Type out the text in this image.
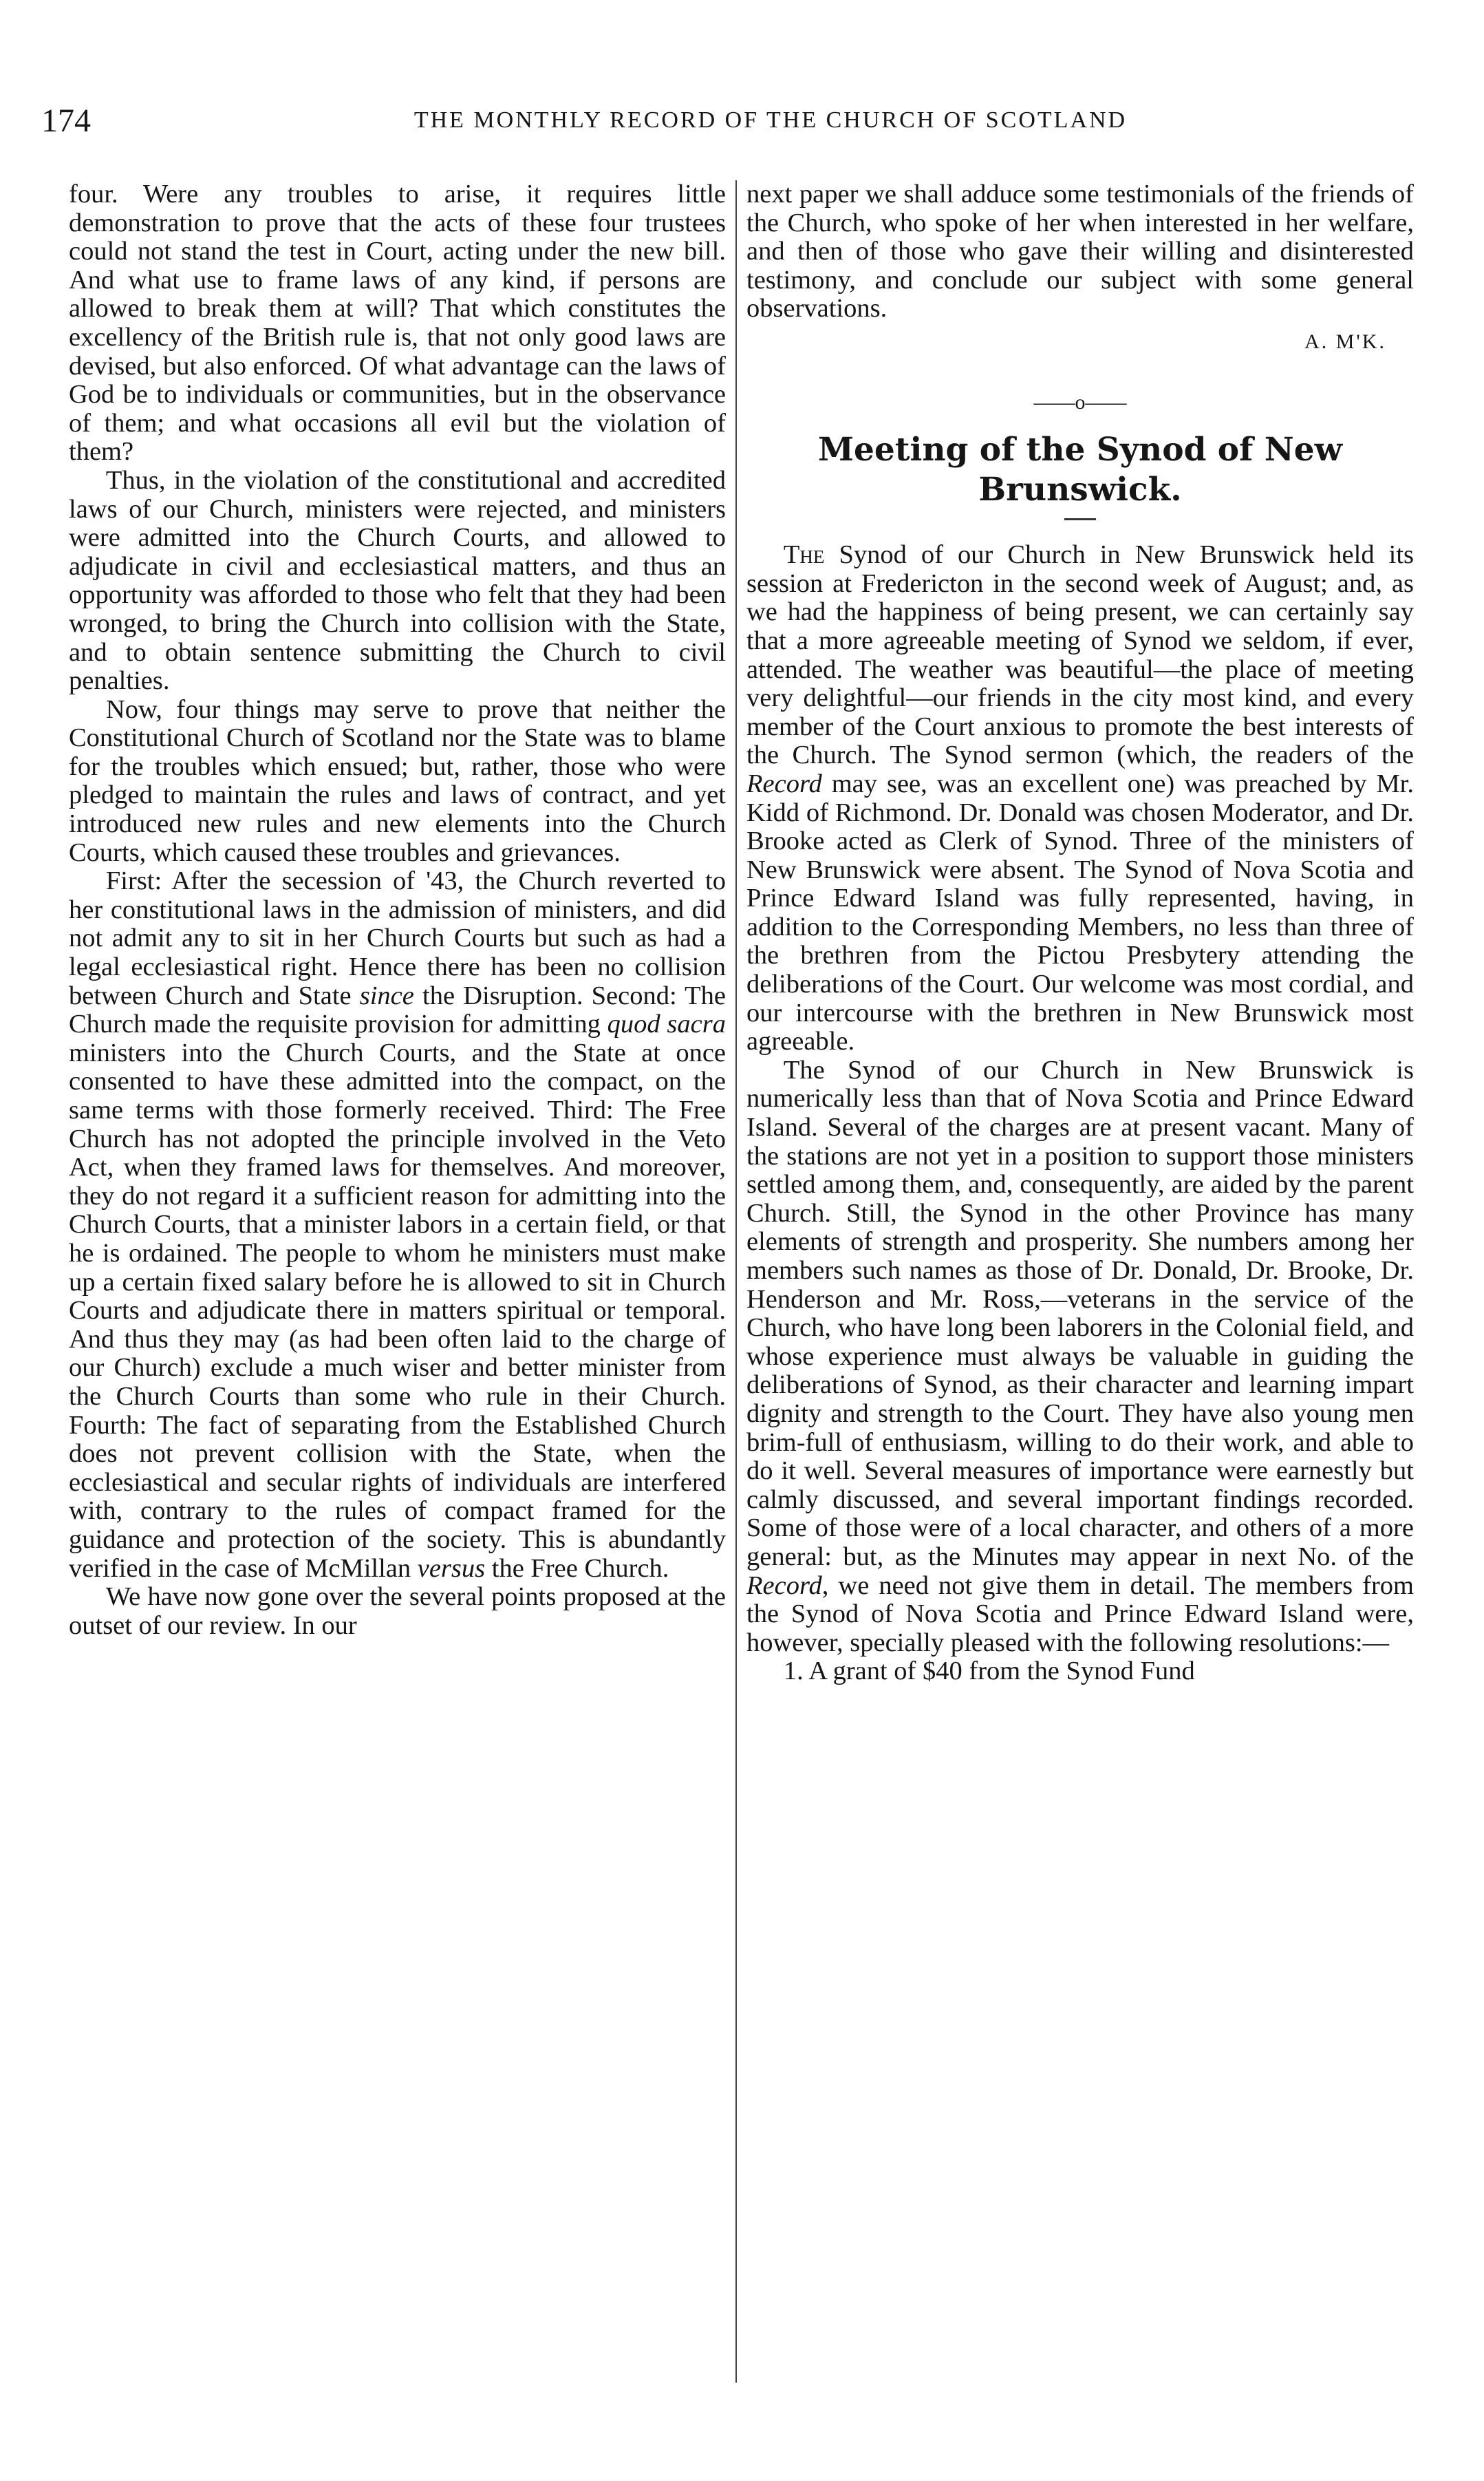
174	THE MONTHLY RECORD OF THE CHURCH OF SCOTLAND

four. Were any troubles to arise, it requires little demonstration to prove that the acts of these four trustees could not stand the test in Court, acting under the new bill. And what use to frame laws of any kind, if persons are allowed to break them at will? That which constitutes the excellency of the British rule is, that not only good laws are devised, but also enforced. Of what advantage can the laws of God be to individuals or communities, but in the observance of them; and what occasions all evil but the violation of them?

Thus, in the violation of the constitutional and accredited laws of our Church, ministers were rejected, and ministers were admitted into the Church Courts, and allowed to adjudicate in civil and ecclesiastical matters, and thus an opportunity was afforded to those who felt that they had been wronged, to bring the Church into collision with the State, and to obtain sentence submitting the Church to civil penalties.

Now, four things may serve to prove that neither the Constitutional Church of Scotland nor the State was to blame for the troubles which ensued; but, rather, those who were pledged to maintain the rules and laws of contract, and yet introduced new rules and new elements into the Church Courts, which caused these troubles and grievances.

First: After the secession of '43, the Church reverted to her constitutional laws in the admission of ministers, and did not admit any to sit in her Church Courts but such as had a legal ecclesiastical right. Hence there has been no collision between Church and State since the Disruption. Second: The Church made the requisite provision for admitting quod sacra ministers into the Church Courts, and the State at once consented to have these admitted into the compact, on the same terms with those formerly received. Third: The Free Church has not adopted the principle involved in the Veto Act, when they framed laws for themselves. And moreover, they do not regard it a sufficient reason for admitting into the Church Courts, that a minister labors in a certain field, or that he is ordained. The people to whom he ministers must make up a certain fixed salary before he is allowed to sit in Church Courts and adjudicate there in matters spiritual or temporal. And thus they may (as had been often laid to the charge of our Church) exclude a much wiser and better minister from the Church Courts than some who rule in their Church. Fourth: The fact of separating from the Established Church does not prevent collision with the State, when the ecclesiastical and secular rights of individuals are interfered with, contrary to the rules of compact framed for the guidance and protection of the society. This is abundantly verified in the case of McMillan versus the Free Church.

We have now gone over the several points proposed at the outset of our review. In our

next paper we shall adduce some testimonials of the friends of the Church, who spoke of her when interested in her welfare, and then of those who gave their willing and disinterested testimony, and conclude our subject with some general observations.

A. M'K.
——o——
Meeting of the Synod of New Brunswick.

The Synod of our Church in New Brunswick held its session at Fredericton in the second week of August; and, as we had the happiness of being present, we can certainly say that a more agreeable meeting of Synod we seldom, if ever, attended. The weather was beautiful—the place of meeting very delightful—our friends in the city most kind, and every member of the Court anxious to promote the best interests of the Church. The Synod sermon (which, the readers of the Record may see, was an excellent one) was preached by Mr. Kidd of Richmond. Dr. Donald was chosen Moderator, and Dr. Brooke acted as Clerk of Synod. Three of the ministers of New Brunswick were absent. The Synod of Nova Scotia and Prince Edward Island was fully represented, having, in addition to the Corresponding Members, no less than three of the brethren from the Pictou Presbytery attending the deliberations of the Court. Our welcome was most cordial, and our intercourse with the brethren in New Brunswick most agreeable.

The Synod of our Church in New Brunswick is numerically less than that of Nova Scotia and Prince Edward Island. Several of the charges are at present vacant. Many of the stations are not yet in a position to support those ministers settled among them, and, consequently, are aided by the parent Church. Still, the Synod in the other Province has many elements of strength and prosperity. She numbers among her members such names as those of Dr. Donald, Dr. Brooke, Dr. Henderson and Mr. Ross,—veterans in the service of the Church, who have long been laborers in the Colonial field, and whose experience must always be valuable in guiding the deliberations of Synod, as their character and learning impart dignity and strength to the Court. They have also young men brim-full of enthusiasm, willing to do their work, and able to do it well. Several measures of importance were earnestly but calmly discussed, and several important findings recorded. Some of those were of a local character, and others of a more general: but, as the Minutes may appear in next No. of the Record, we need not give them in detail. The members from the Synod of Nova Scotia and Prince Edward Island were, however, specially pleased with the following resolutions:—

1. A grant of $40 from the Synod Fund
